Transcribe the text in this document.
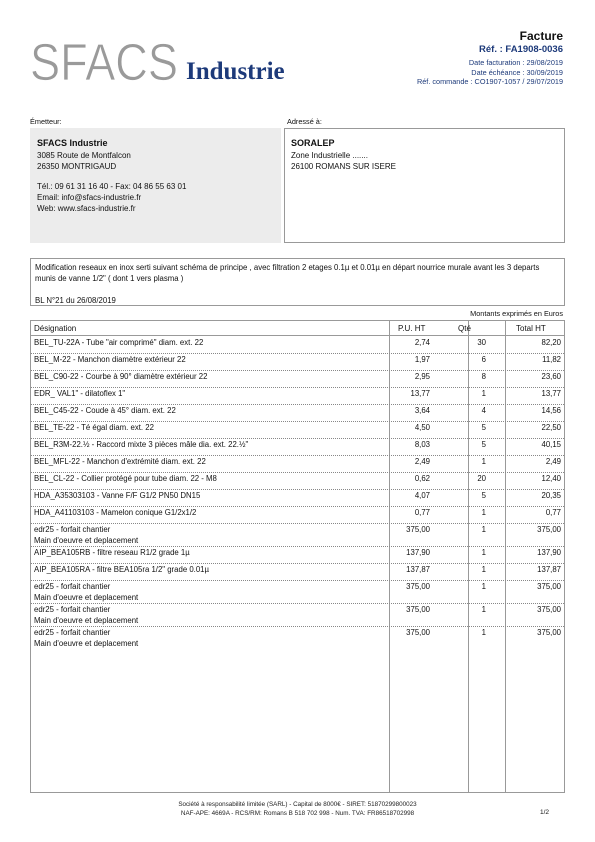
SFACS Industrie
Facture
Réf. : FA1908-0036
Date facturation : 29/08/2019
Date échéance : 30/09/2019
Réf. commande : CO1907-1057 / 29/07/2019
Émetteur:	Adressé à:
SFACS Industrie
3085 Route de Montfalcon
26350 MONTRIGAUD
Tél.: 09 61 31 16 40 - Fax: 04 86 55 63 01
Email: info@sfacs-industrie.fr
Web: www.sfacs-industrie.fr
SORALEP
Zone Industrielle .......
26100 ROMANS SUR ISERE
Modification reseaux en inox serti suivant schéma de principe , avec filtration 2 etages 0.1µ et 0.01µ en départ nourrice murale avant les 3 departs munis de vanne 1/2" ( dont 1 vers plasma )
BL N°21 du 26/08/2019
Montants exprimés en Euros
Désignation	P.U. HT	Qté	Total HT
BEL_TU-22A - Tube "air comprimé" diam. ext. 22	2,74	30	82,20
BEL_M-22 - Manchon diamètre extérieur 22	1,97	6	11,82
BEL_C90-22 - Courbe à 90° diamètre extérieur 22	2,95	8	23,60
EDR_ VAL1" - dilatoflex 1"	13,77	1	13,77
BEL_C45-22 - Coude à 45° diam. ext. 22	3,64	4	14,56
BEL_TE-22 - Té égal diam. ext. 22	4,50	5	22,50
BEL_R3M-22.½ - Raccord mixte 3 pièces mâle dia. ext. 22.½"	8,03	5	40,15
BEL_MFL-22 - Manchon d'extrémité diam. ext. 22	2,49	1	2,49
BEL_CL-22 - Collier protégé pour tube diam. 22 - M8	0,62	20	12,40
HDA_A35303103 - Vanne F/F G1/2 PN50 DN15	4,07	5	20,35
HDA_A41103103 - Mamelon conique G1/2x1/2	0,77	1	0,77
edr25 - forfait chantier
Main d'oeuvre et deplacement
375,00	1	375,00
AIP_BEA105RB - filtre reseau R1/2 grade 1µ	137,90	1	137,90
AIP_BEA105RA - filtre BEA105ra 1/2" grade 0.01µ	137,87	1	137,87
edr25 - forfait chantier
Main d'oeuvre et deplacement
375,00	1	375,00
edr25 - forfait chantier
Main d'oeuvre et deplacement
375,00	1	375,00
edr25 - forfait chantier
Main d'oeuvre et deplacement
375,00	1	375,00
Société à responsabilité limitée (SARL) - Capital de 8000€ - SIRET: 51870299800023
NAF-APE: 4669A - RCS/RM: Romans B 518 702 998 - Num. TVA: FR86518702998	1/2
